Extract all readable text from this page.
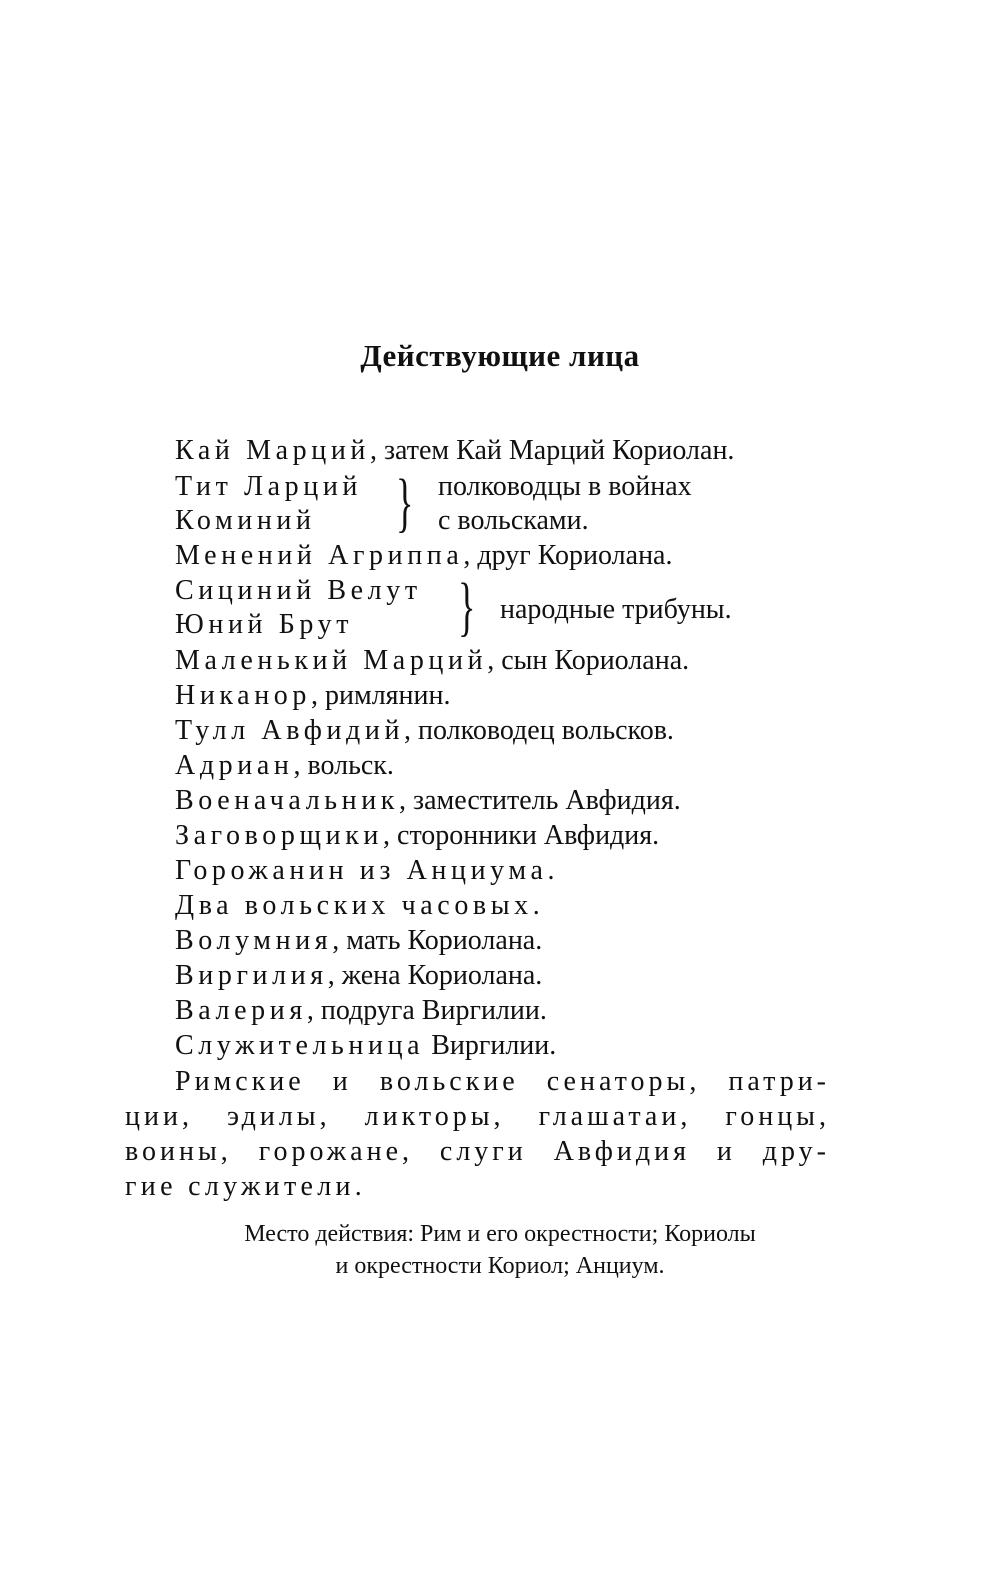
Действующие лица
Кай Марций, затем Кай Марций Кориолан.
Тит Ларций
Коминий } полководцы в войнах
с вольсками.
Менений Агриппа, друг Кориолана.
Сициний Велут
Юний Брут } народные трибуны.
Маленький Марций, сын Кориолана.
Никанор, римлянин.
Тулл Авфидий, полководец вольсков.
Адриан, вольск.
Военачальник, заместитель Авфидия.
Заговорщики, сторонники Авфидия.
Горожанин из Анциума.
Два вольских часовых.
Волумния, мать Кориолана.
Виргилия, жена Кориолана.
Валерия, подруга Виргилии.
Служительница Виргилии.
Римские и вольские сенаторы, патри-
ции, эдилы, ликторы, глашатаи, гонцы,
воины, горожане, слуги Авфидия и дру-
гие служители.
Место действия: Рим и его окрестности; Кориолы
и окрестности Кориол; Анциум.
